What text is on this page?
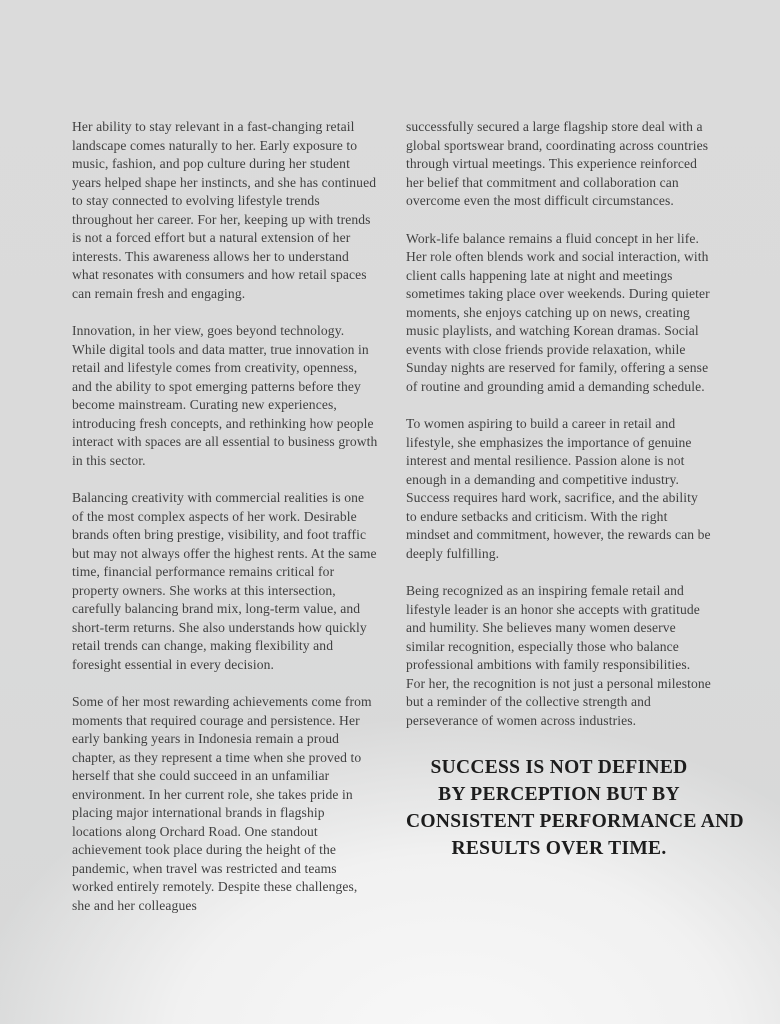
Her ability to stay relevant in a fast-changing retail landscape comes naturally to her. Early exposure to music, fashion, and pop culture during her student years helped shape her instincts, and she has continued to stay connected to evolving lifestyle trends throughout her career. For her, keeping up with trends is not a forced effort but a natural extension of her interests. This awareness allows her to understand what resonates with consumers and how retail spaces can remain fresh and engaging.

Innovation, in her view, goes beyond technology. While digital tools and data matter, true innovation in retail and lifestyle comes from creativity, openness, and the ability to spot emerging patterns before they become mainstream. Curating new experiences, introducing fresh concepts, and rethinking how people interact with spaces are all essential to business growth in this sector.

Balancing creativity with commercial realities is one of the most complex aspects of her work. Desirable brands often bring prestige, visibility, and foot traffic but may not always offer the highest rents. At the same time, financial performance remains critical for property owners. She works at this intersection, carefully balancing brand mix, long-term value, and short-term returns. She also understands how quickly retail trends can change, making flexibility and foresight essential in every decision.

Some of her most rewarding achievements come from moments that required courage and persistence. Her early banking years in Indonesia remain a proud chapter, as they represent a time when she proved to herself that she could succeed in an unfamiliar environment. In her current role, she takes pride in placing major international brands in flagship locations along Orchard Road. One standout achievement took place during the height of the pandemic, when travel was restricted and teams worked entirely remotely. Despite these challenges, she and her colleagues

successfully secured a large flagship store deal with a global sportswear brand, coordinating across countries through virtual meetings. This experience reinforced her belief that commitment and collaboration can overcome even the most difficult circumstances.

Work-life balance remains a fluid concept in her life. Her role often blends work and social interaction, with client calls happening late at night and meetings sometimes taking place over weekends. During quieter moments, she enjoys catching up on news, creating music playlists, and watching Korean dramas. Social events with close friends provide relaxation, while Sunday nights are reserved for family, offering a sense of routine and grounding amid a demanding schedule.

To women aspiring to build a career in retail and lifestyle, she emphasizes the importance of genuine interest and mental resilience. Passion alone is not enough in a demanding and competitive industry. Success requires hard work, sacrifice, and the ability to endure setbacks and criticism. With the right mindset and commitment, however, the rewards can be deeply fulfilling.

Being recognized as an inspiring female retail and lifestyle leader is an honor she accepts with gratitude and humility. She believes many women deserve similar recognition, especially those who balance professional ambitions with family responsibilities. For her, the recognition is not just a personal milestone but a reminder of the collective strength and perseverance of women across industries.

SUCCESS IS NOT DEFINED
BY PERCEPTION BUT BY
CONSISTENT PERFORMANCE AND
RESULTS OVER TIME.
